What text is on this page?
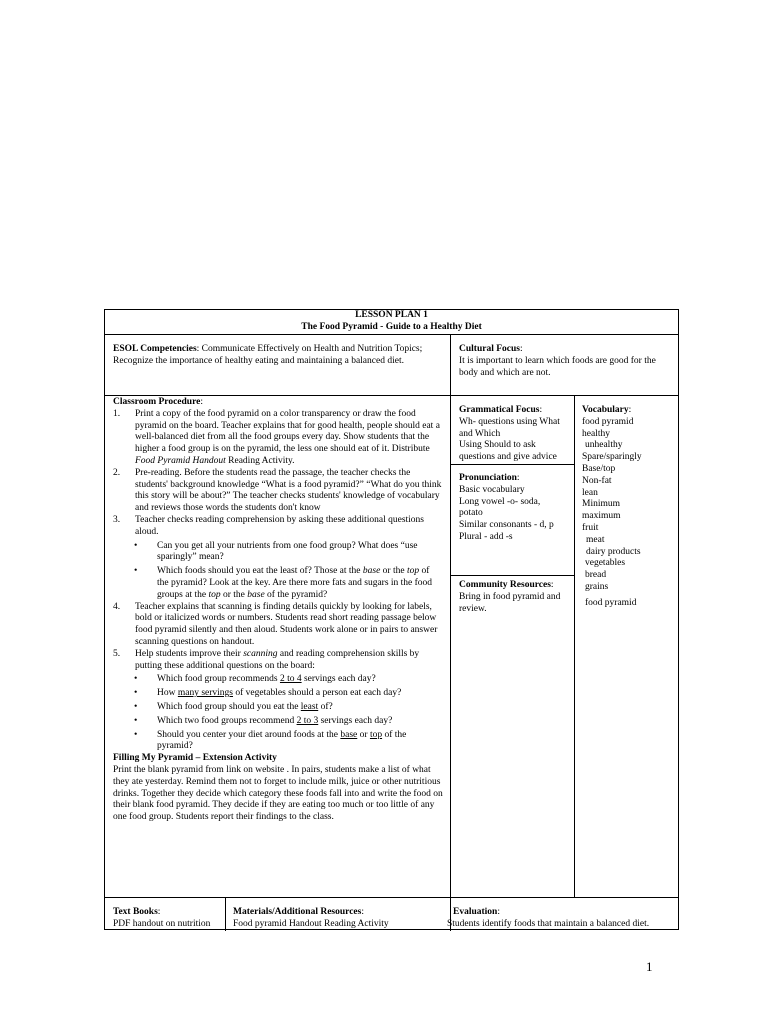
LESSON PLAN 1
The Food Pyramid - Guide to a Healthy Diet
ESOL Competencies: Communicate Effectively on Health and Nutrition Topics; Recognize the importance of healthy eating and maintaining a balanced diet.
Cultural Focus:
It is important to learn which foods are good for the body and which are not.
Classroom Procedure:
1. Print a copy of the food pyramid on a color transparency or draw the food pyramid on the board. Teacher explains that for good health, people should eat a well-balanced diet from all the food groups every day. Show students that the higher a food group is on the pyramid, the less one should eat of it. Distribute Food Pyramid Handout Reading Activity.
2. Pre-reading. Before the students read the passage, the teacher checks the students' background knowledge “What is a food pyramid?” “What do you think this story will be about?” The teacher checks students' knowledge of vocabulary and reviews those words the students don't know
3. Teacher checks reading comprehension by asking these additional questions aloud.
• Can you get all your nutrients from one food group? What does “use sparingly” mean?
• Which foods should you eat the least of? Those at the base or the top of the pyramid? Look at the key. Are there more fats and sugars in the food groups at the top or the base of the pyramid?
4. Teacher explains that scanning is finding details quickly by looking for labels, bold or italicized words or numbers. Students read short reading passage below food pyramid silently and then aloud. Students work alone or in pairs to answer scanning questions on handout.
5. Help students improve their scanning and reading comprehension skills by putting these additional questions on the board:
• Which food group recommends 2 to 4 servings each day?
• How many servings of vegetables should a person eat each day?
• Which food group should you eat the least of?
• Which two food groups recommend 2 to 3 servings each day?
• Should you center your diet around foods at the base or top of the pyramid?
Filling My Pyramid – Extension Activity
Print the blank pyramid from link on website . In pairs, students make a list of what they ate yesterday. Remind them not to forget to include milk, juice or other nutritious drinks. Together they decide which category these foods fall into and write the food on their blank food pyramid. They decide if they are eating too much or too little of any one food group. Students report their findings to the class.
Grammatical Focus:
Wh- questions using What
and Which
Using Should to ask
questions and give advice
Pronunciation:
Basic vocabulary
Long vowel -o- soda,
potato
Similar consonants - d, p
Plural - add -s
Community Resources:
Bring in food pyramid and
review.
Vocabulary:
food pyramid
healthy
unhealthy
Spare/sparingly
Base/top
Non-fat
lean
Minimum
maximum
fruit
meat
dairy products
vegetables
bread
grains
food pyramid
Text Books:
PDF handout on nutrition
Materials/Additional Resources:
Food pyramid Handout Reading Activity
Evaluation:
Students identify foods that maintain a balanced diet.
1
